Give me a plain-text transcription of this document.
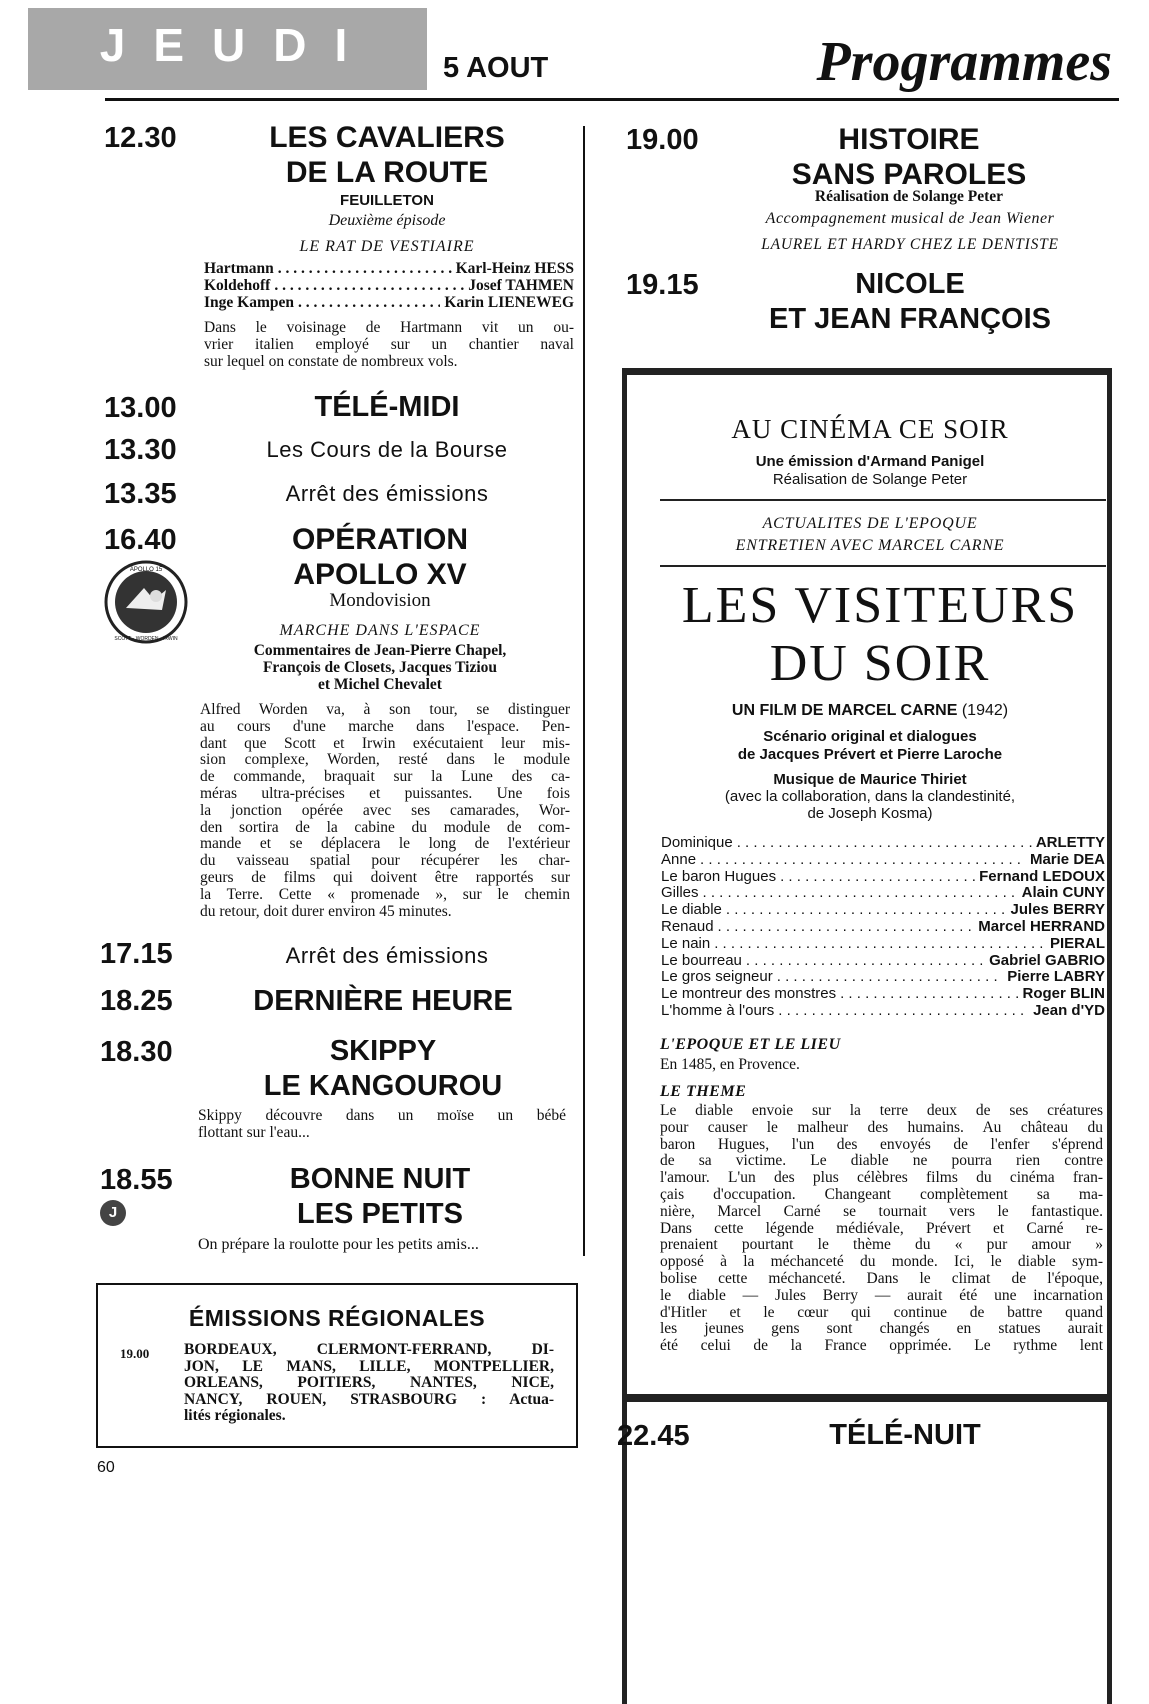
JEUDI	5 AOUT	Programmes
12.30	LES CAVALIERS
DE LA ROUTE
FEUILLETON
Deuxième épisode
LE RAT DE VESTIAIRE
Hartmann . . .	Karl-Heinz HESS
Koldehoff . . .	Josef TAHMEN
Inge Kampen . . .	Karin LIENEWEG
Dans le voisinage de Hartmann vit un ou-
vrier italien employé sur un chantier naval
sur lequel on constate de nombreux vols.
13.00	TÉLÉ-MIDI
13.30	Les Cours de la Bourse
13.35	Arrêt des émissions
16.40
APOLLO 15
SCOTT · WORDEN · IRWIN
OPÉRATION
APOLLO XV
Mondovision
MARCHE DANS L'ESPACE
Commentaires de Jean-Pierre Chapel,
François de Closets, Jacques Tiziou
et Michel Chevalet
Alfred Worden va, à son tour, se distinguer
au cours d'une marche dans l'espace. Pen-
dant que Scott et Irwin exécutaient leur mis-
sion complexe, Worden, resté dans le module
de commande, braquait sur la Lune des ca-
méras ultra-précises et puissantes. Une fois
la jonction opérée avec ses camarades, Wor-
den sortira de la cabine du module de com-
mande et se déplacera le long de l'extérieur
du vaisseau spatial pour récupérer les char-
geurs de films qui doivent être rapportés sur
la Terre. Cette « promenade », sur le chemin
du retour, doit durer environ 45 minutes.
17.15	Arrêt des émissions
18.25	DERNIÈRE HEURE
18.30	SKIPPY
LE KANGOUROU
Skippy découvre dans un moïse un bébé
flottant sur l'eau...
18.55
J
BONNE NUIT
LES PETITS
On prépare la roulotte pour les petits amis...
ÉMISSIONS RÉGIONALES
19.00 BORDEAUX, CLERMONT-FERRAND, DI-
JON, LE MANS, LILLE, MONTPELLIER,
ORLEANS, POITIERS, NANTES, NICE,
NANCY, ROUEN, STRASBOURG : Actua-
lités régionales.
60
19.00	HISTOIRE
SANS PAROLES
Réalisation de Solange Peter
Accompagnement musical de Jean Wiener
LAUREL ET HARDY CHEZ LE DENTISTE
19.15	NICOLE
ET JEAN FRANÇOIS
AU CINÉMA CE SOIR
Une émission d'Armand Panigel
Réalisation de Solange Peter
ACTUALITES DE L'EPOQUE
ENTRETIEN AVEC MARCEL CARNE
LES VISITEURS
DU SOIR
UN FILM DE MARCEL CARNE (1942)
Scénario original et dialogues
de Jacques Prévert et Pierre Laroche
Musique de Maurice Thiriet
(avec la collaboration, dans la clandestinité,
de Joseph Kosma)
Dominique . . .	ARLETTY
Anne . . .	Marie DEA
Le baron Hugues . . .	Fernand LEDOUX
Gilles . . .	Alain CUNY
Le diable . . .	Jules BERRY
Renaud . . .	Marcel HERRAND
Le nain . . .	PIERAL
Le bourreau . . .	Gabriel GABRIO
Le gros seigneur . . .	Pierre LABRY
Le montreur des monstres . . .	Roger BLIN
L'homme à l'ours . . .	Jean d'YD
L'EPOQUE ET LE LIEU
En 1485, en Provence.
LE THEME
Le diable envoie sur la terre deux de ses créatures
pour causer le malheur des humains. Au château du
baron Hugues, l'un des envoyés de l'enfer s'éprend
de sa victime. Le diable ne pourra rien contre
l'amour. L'un des plus célèbres films du cinéma fran-
çais d'occupation. Changeant complètement sa ma-
nière, Marcel Carné se tournait vers le fantastique.
Dans cette légende médiévale, Prévert et Carné re-
prenaient pourtant le thème du « pur amour »
opposé à la méchanceté du monde. Ici, le diable sym-
bolise cette méchanceté. Dans le climat de l'époque,
le diable — Jules Berry — aurait été une incarnation
d'Hitler et le cœur qui continue de battre quand
les jeunes gens sont changés en statues aurait
été celui de la France opprimée. Le rythme lent
22.45	TÉLÉ-NUIT
